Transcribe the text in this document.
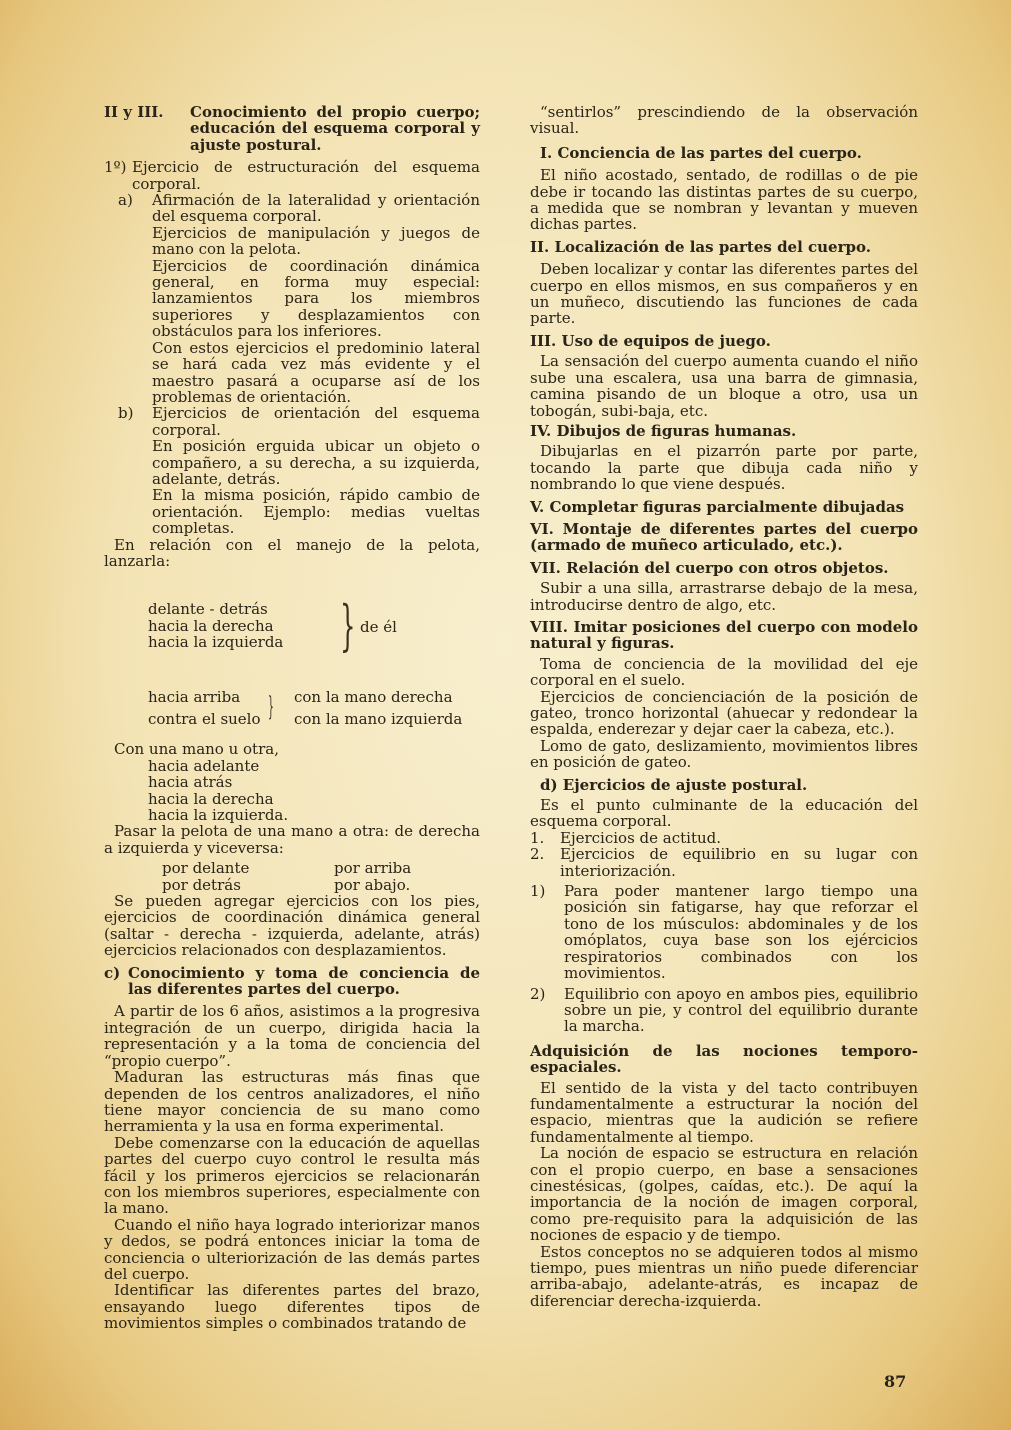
II y III.	Conocimiento del propio cuerpo; educación del esquema corporal y ajuste postural.
1º) Ejercicio de estructuración del esquema corporal.
a)	Afirmación de la lateralidad y orientación del esquema corporal.

Ejercicios de manipulación y juegos de mano con la pelota.

Ejercicios de coordinación dinámica general, en forma muy especial: lanzamientos para los miembros superiores y desplazamientos con obstáculos para los inferiores.

Con estos ejercicios el predominio lateral se hará cada vez más evidente y el maestro pasará a ocuparse así de los problemas de orientación.

b)	Ejercicios de orientación del esquema corporal.

En posición erguida ubicar un objeto o compañero, a su derecha, a su izquierda, adelante, detrás.

En la misma posición, rápido cambio de orientación. Ejemplo: medias vueltas completas.

En relación con el manejo de la pelota, lanzarla:

delante - detrás
hacia la derecha
hacia la izquierda } de él
hacia arriba
contra el suelo } con la mano derecha
con la mano izquierda

Con una mano u otra,

hacia adelante
hacia atrás
hacia la derecha
hacia la izquierda.

Pasar la pelota de una mano a otra: de derecha a izquierda y viceversa:

por delante	por arriba
por detrás	por abajo.

Se pueden agregar ejercicios con los pies, ejercicios de coordinación dinámica general (saltar - derecha - izquierda, adelante, atrás) ejercicios relacionados con desplazamientos.

c) Conocimiento y toma de conciencia de las diferentes partes del cuerpo.

A partir de los 6 años, asistimos a la progresiva integración de un cuerpo, dirigida hacia la representación y a la toma de conciencia del “propio cuerpo”.

Maduran las estructuras más finas que dependen de los centros analizadores, el niño tiene mayor conciencia de su mano como herramienta y la usa en forma experimental.

Debe comenzarse con la educación de aquellas partes del cuerpo cuyo control le resulta más fácil y los primeros ejercicios se relacionarán con los miembros superiores, especialmente con la mano.

Cuando el niño haya logrado interiorizar manos y dedos, se podrá entonces iniciar la toma de conciencia o ulteriorización de las demás partes del cuerpo.

Identificar las diferentes partes del brazo, ensayando luego diferentes tipos de movimientos simples o combinados tratando de

“sentirlos” prescindiendo de la observación visual.

I. Conciencia de las partes del cuerpo.

El niño acostado, sentado, de rodillas o de pie debe ir tocando las distintas partes de su cuerpo, a medida que se nombran y levantan y mueven dichas partes.

II. Localización de las partes del cuerpo.

Deben localizar y contar las diferentes partes del cuerpo en ellos mismos, en sus compañeros y en un muñeco, discutiendo las funciones de cada parte.

III. Uso de equipos de juego.

La sensación del cuerpo aumenta cuando el niño sube una escalera, usa una barra de gimnasia, camina pisando de un bloque a otro, usa un tobogán, subi-baja, etc.

IV. Dibujos de figuras humanas.

Dibujarlas en el pizarrón parte por parte, tocando la parte que dibuja cada niño y nombrando lo que viene después.

V. Completar figuras parcialmente dibujadas

VI. Montaje de diferentes partes del cuerpo (armado de muñeco articulado, etc.).

VII. Relación del cuerpo con otros objetos.

Subir a una silla, arrastrarse debajo de la mesa, introducirse dentro de algo, etc.

VIII. Imitar posiciones del cuerpo con modelo natural y figuras.

Toma de conciencia de la movilidad del eje corporal en el suelo.

Ejercicios de concienciación de la posición de gateo, tronco horizontal (ahuecar y redondear la espalda, enderezar y dejar caer la cabeza, etc.).

Lomo de gato, deslizamiento, movimientos libres en posición de gateo.

d) Ejercicios de ajuste postural.

Es el punto culminante de la educación del esquema corporal.

1.	Ejercicios de actitud.
2.	Ejercicios de equilibrio en su lugar con interiorización.
1)	Para poder mantener largo tiempo una posición sin fatigarse, hay que reforzar el tono de los músculos: abdominales y de los omóplatos, cuya base son los ejércicios respiratorios combinados con los movimientos.
2)	Equilibrio con apoyo en ambos pies, equilibrio sobre un pie, y control del equilibrio durante la marcha.

Adquisición de las nociones temporo-espaciales.

El sentido de la vista y del tacto contribuyen fundamentalmente a estructurar la noción del espacio, mientras que la audición se refiere fundamentalmente al tiempo.

La noción de espacio se estructura en relación con el propio cuerpo, en base a sensaciones cinestésicas, (golpes, caídas, etc.). De aquí la importancia de la noción de imagen corporal, como pre-requisito para la adquisición de las nociones de espacio y de tiempo.

Estos conceptos no se adquieren todos al mismo tiempo, pues mientras un niño puede diferenciar arriba-abajo, adelante-atrás, es incapaz de diferenciar derecha-izquierda.

87
